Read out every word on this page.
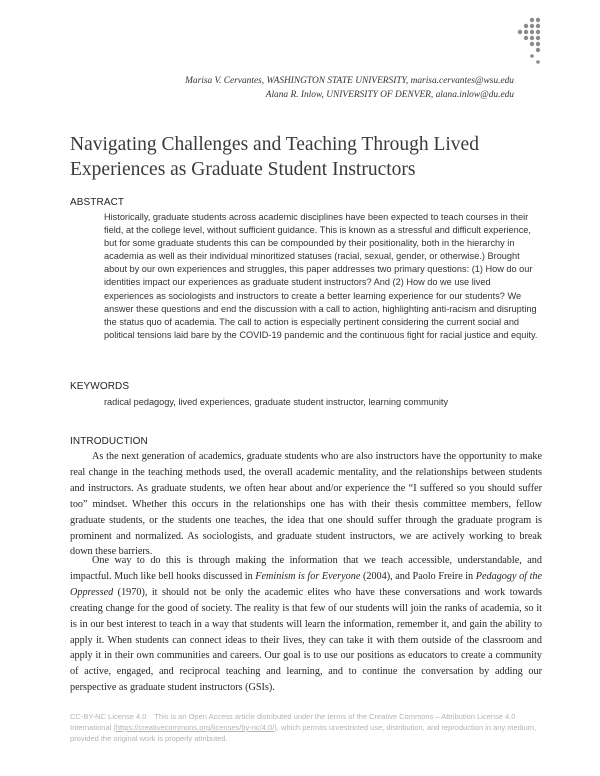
Marisa V. Cervantes, WASHINGTON STATE UNIVERSITY, marisa.cervantes@wsu.edu
Alana R. Inlow, UNIVERSITY OF DENVER, alana.inlow@du.edu
Navigating Challenges and Teaching Through Lived
Experiences as Graduate Student Instructors
ABSTRACT

Historically, graduate students across academic disciplines have been expected to teach courses in their field, at the college level, without sufficient guidance. This is known as a stressful and difficult experience, but for some graduate students this can be compounded by their positionality, both in the hierarchy in academia as well as their individual minoritized statuses (racial, sexual, gender, or otherwise.) Brought about by our own experiences and struggles, this paper addresses two primary questions: (1) How do our identities impact our experiences as graduate student instructors? And (2) How do we use lived experiences as sociologists and instructors to create a better learning experience for our students? We answer these questions and end the discussion with a call to action, highlighting anti-racism and disrupting the status quo of academia. The call to action is especially pertinent considering the current social and political tensions laid bare by the COVID-19 pandemic and the continuous fight for racial justice and equity.

KEYWORDS

radical pedagogy, lived experiences, graduate student instructor, learning community

INTRODUCTION

As the next generation of academics, graduate students who are also instructors have the opportunity to make real change in the teaching methods used, the overall academic mentality, and the relationships between students and instructors. As graduate students, we often hear about and/or experience the “I suffered so you should suffer too” mindset. Whether this occurs in the relationships one has with their thesis committee members, fellow graduate students, or the students one teaches, the idea that one should suffer through the graduate program is prominent and normalized. As sociologists, and graduate student instructors, we are actively working to break down these barriers.

One way to do this is through making the information that we teach accessible, understandable, and impactful. Much like bell hooks discussed in Feminism is for Everyone (2004), and Paolo Freire in Pedagogy of the Oppressed (1970), it should not be only the academic elites who have these conversations and work towards creating change for the good of society. The reality is that few of our students will join the ranks of academia, so it is in our best interest to teach in a way that students will learn the information, remember it, and gain the ability to apply it. When students can connect ideas to their lives, they can take it with them outside of the classroom and apply it in their own communities and careers. Our goal is to use our positions as educators to create a community of active, engaged, and reciprocal teaching and learning, and to continue the conversation by adding our perspective as graduate student instructors (GSIs).

CC-BY-NC License 4.0 This is an Open Access article distributed under the terms of the Creative Commons – Attribution License 4.0 International (https://creativecommons.org/licenses/by-nc/4.0/), which permits unrestricted use, distribution, and reproduction in any medium, provided the original work is properly attributed.
